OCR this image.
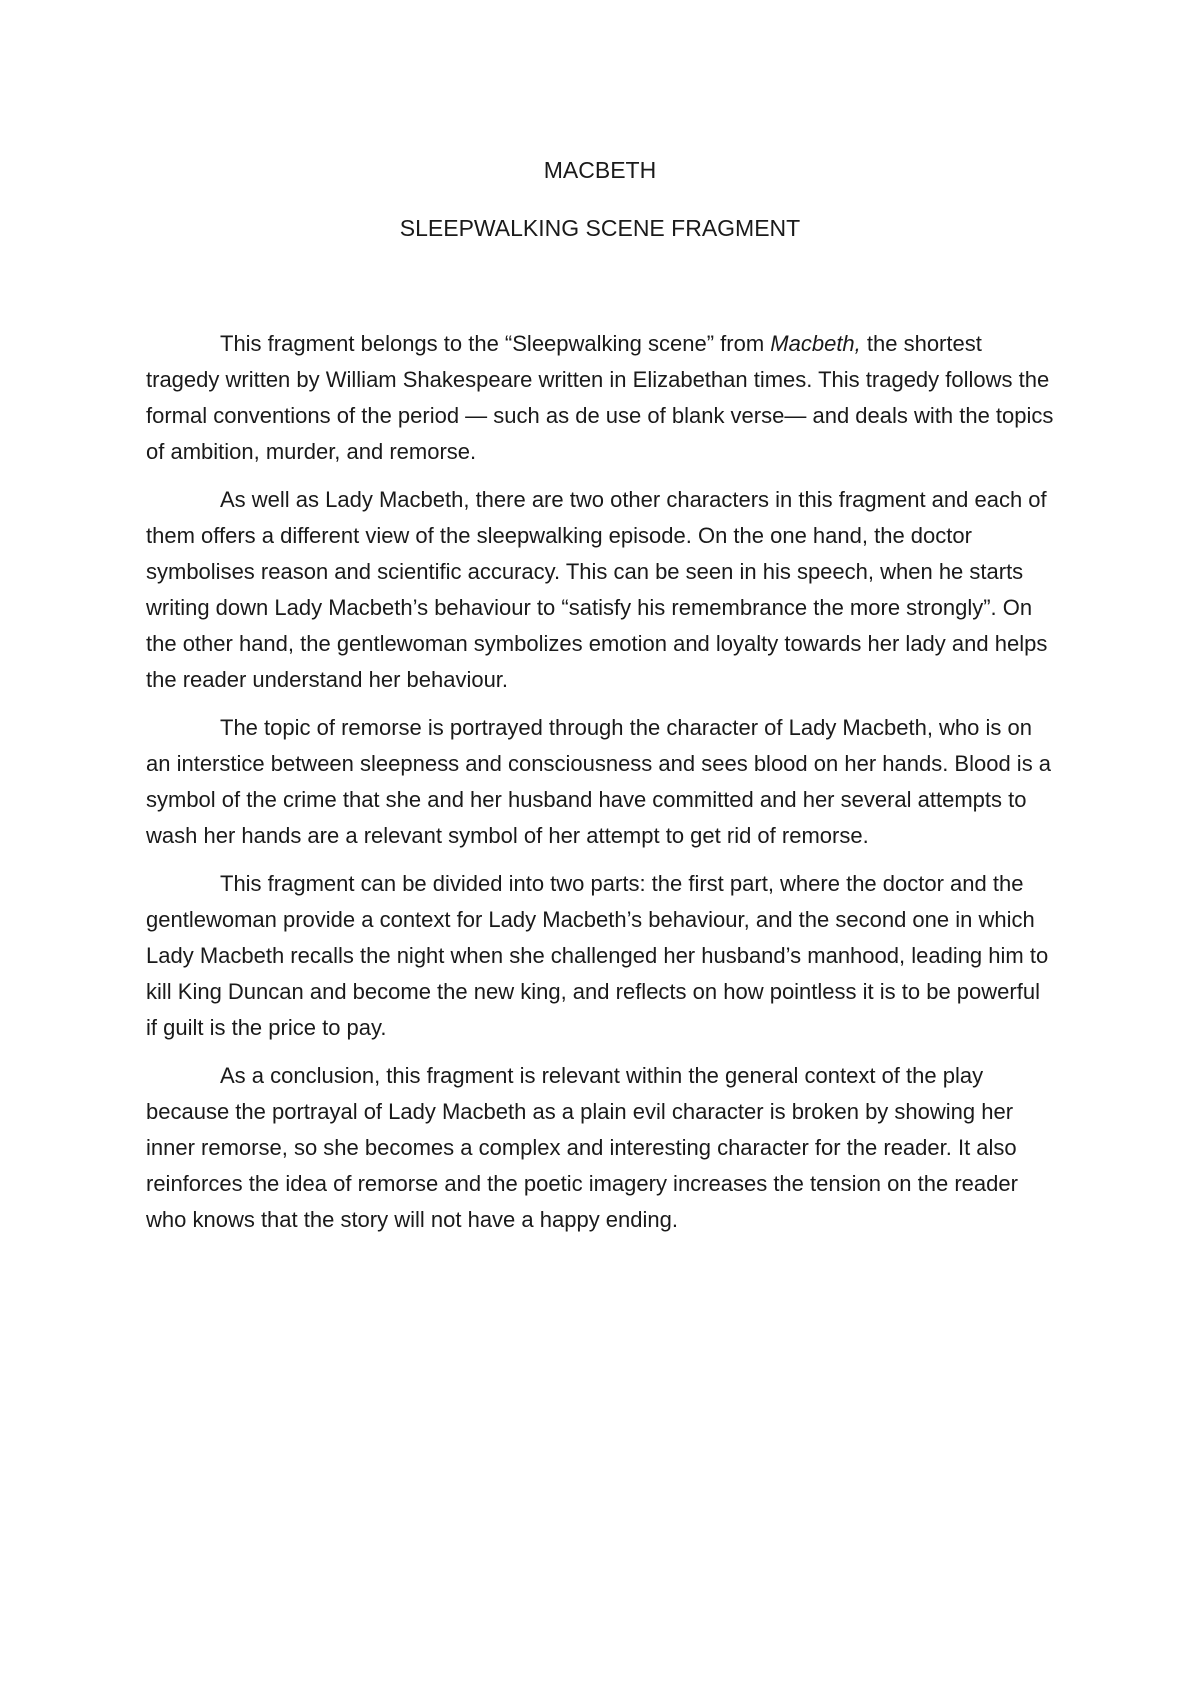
MACBETH
SLEEPWALKING SCENE FRAGMENT

This fragment belongs to the “Sleepwalking scene” from Macbeth, the shortest tragedy written by William Shakespeare written in Elizabethan times. This tragedy follows the formal conventions of the period — such as de use of blank verse— and deals with the topics of ambition, murder, and remorse.

As well as Lady Macbeth, there are two other characters in this fragment and each of them offers a different view of the sleepwalking episode. On the one hand, the doctor symbolises reason and scientific accuracy. This can be seen in his speech, when he starts writing down Lady Macbeth’s behaviour to “satisfy his remembrance the more strongly”. On the other hand, the gentlewoman symbolizes emotion and loyalty towards her lady and helps the reader understand her behaviour.

The topic of remorse is portrayed through the character of Lady Macbeth, who is on an interstice between sleepness and consciousness and sees blood on her hands. Blood is a symbol of the crime that she and her husband have committed and her several attempts to wash her hands are a relevant symbol of her attempt to get rid of remorse.

This fragment can be divided into two parts: the first part, where the doctor and the gentlewoman provide a context for Lady Macbeth’s behaviour, and the second one in which Lady Macbeth recalls the night when she challenged her husband’s manhood, leading him to kill King Duncan and become the new king, and reflects on how pointless it is to be powerful if guilt is the price to pay.

As a conclusion, this fragment is relevant within the general context of the play because the portrayal of Lady Macbeth as a plain evil character is broken by showing her inner remorse, so she becomes a complex and interesting character for the reader. It also reinforces the idea of remorse and the poetic imagery increases the tension on the reader who knows that the story will not have a happy ending.
